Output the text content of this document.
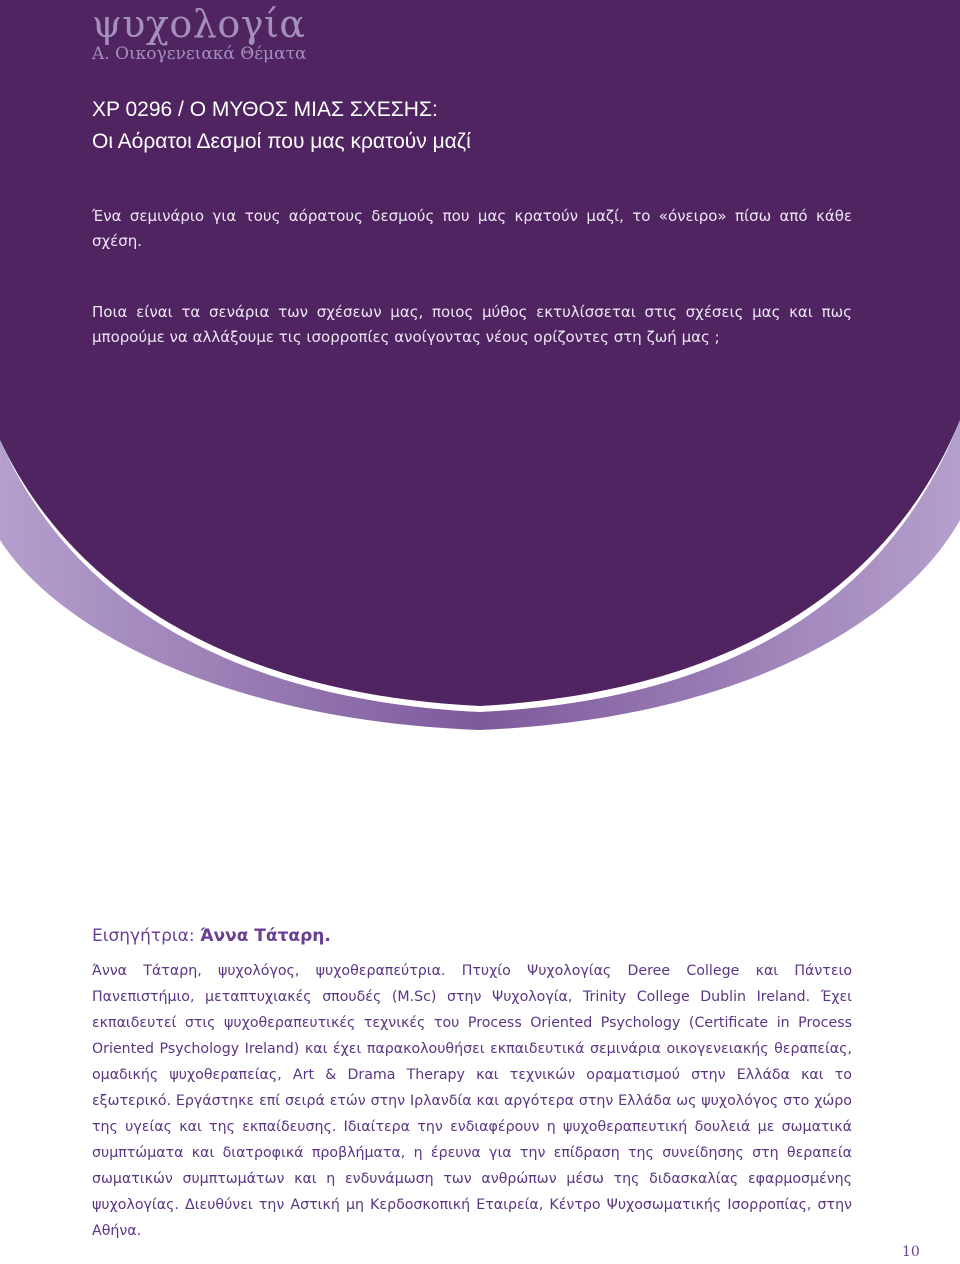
ψυχολογία
Α. Οικογενειακά Θέματα
XP 0296 / Ο ΜΥΘΟΣ ΜΙΑΣ ΣΧΕΣΗΣ:
Οι Αόρατοι Δεσμοί που μας κρατούν μαζί

Ένα σεμινάριο για τους αόρατους δεσμούς που μας κρατούν μαζί, το «όνειρο» πίσω από κάθε σχέση.

Ποια είναι τα σενάρια των σχέσεων μας, ποιος μύθος εκτυλίσσεται στις σχέσεις μας και πως μπορούμε να αλλάξουμε τις ισορροπίες ανοίγοντας νέους ορίζοντες στη ζωή μας ;

Εισηγήτρια: Άννα Τάταρη.

Άννα Τάταρη, ψυχολόγος, ψυχοθεραπεύτρια. Πτυχίο Ψυχολογίας Deree College και Πάντειο Πανεπιστήμιο, μεταπτυχιακές σπουδές (M.Sc) στην Ψυχολογία, Trinity College Dublin Ireland. Έχει εκπαιδευτεί στις ψυχοθεραπευτικές τεχνικές του Process Oriented Psychology (Certificate in Process Oriented Psychology Ireland) και έχει παρακολουθήσει εκπαιδευτικά σεμινάρια οικογενειακής θεραπείας, ομαδικής ψυχοθεραπείας, Art & Drama Therapy και τεχνικών οραματισμού στην Ελλάδα και το εξωτερικό. Εργάστηκε επί σειρά ετών στην Ιρλανδία και αργότερα στην Ελλάδα ως ψυχολόγος στο χώρο της υγείας και της εκπαίδευσης. Ιδιαίτερα την ενδιαφέρουν η ψυχοθεραπευτική δουλειά με σωματικά συμπτώματα και διατροφικά προβλήματα, η έρευνα για την επίδραση της συνείδησης στη θεραπεία σωματικών συμπτωμάτων και η ενδυνάμωση των ανθρώπων μέσω της διδασκαλίας εφαρμοσμένης ψυχολογίας. Διευθύνει την Αστική μη Κερδοσκοπική Εταιρεία, Κέντρο Ψυχοσωματικής Ισορροπίας, στην Αθήνα.

10
